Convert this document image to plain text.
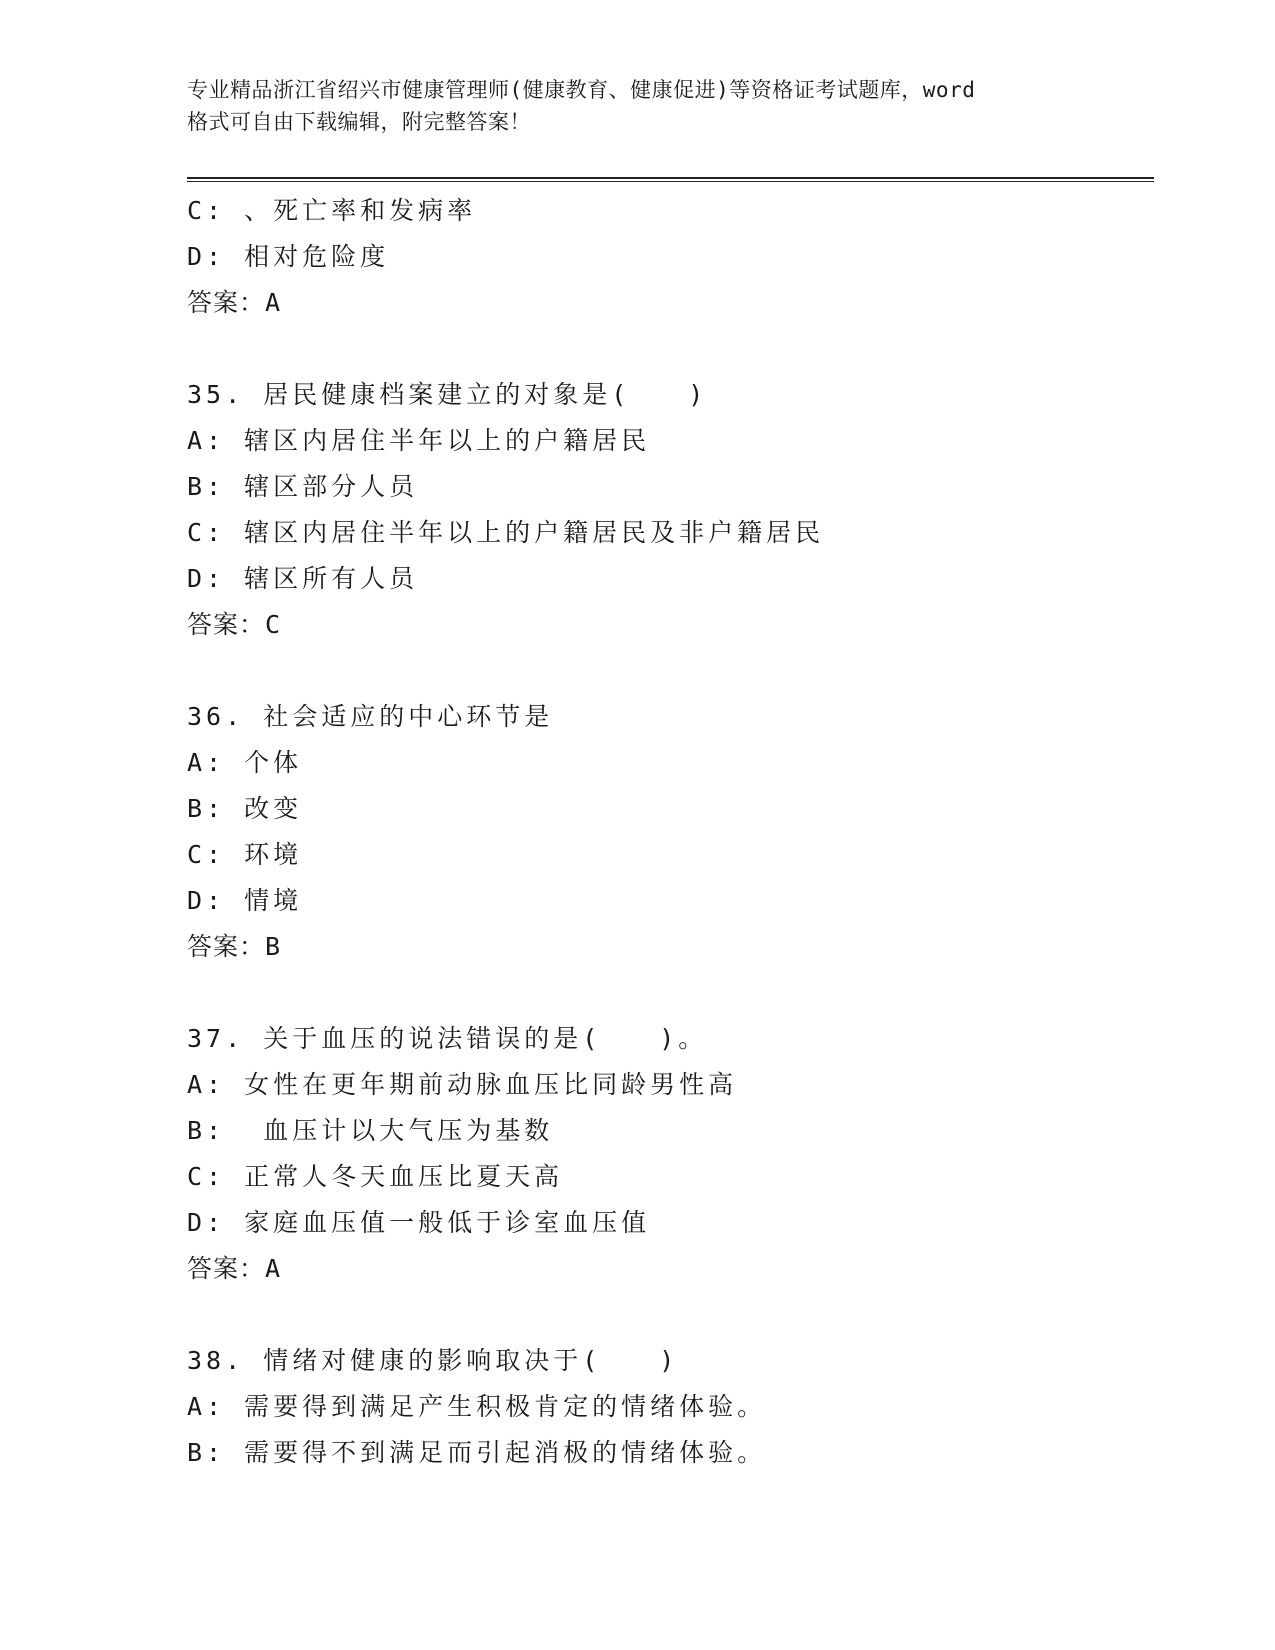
专业精品浙江省绍兴市健康管理师(健康教育、健康促进)等资格证考试题库，word
格式可自由下载编辑，附完整答案！
C: 、死亡率和发病率
D: 相对危险度
答案：A
35. 居民健康档案建立的对象是(　　)
A: 辖区内居住半年以上的户籍居民
B: 辖区部分人员
C: 辖区内居住半年以上的户籍居民及非户籍居民
D: 辖区所有人员
答案：C
36. 社会适应的中心环节是
A: 个体
B: 改变
C: 环境
D: 情境
答案：B
37. 关于血压的说法错误的是(　　)。
A: 女性在更年期前动脉血压比同龄男性高
B:  血压计以大气压为基数
C: 正常人冬天血压比夏天高
D: 家庭血压值一般低于诊室血压值
答案：A
38. 情绪对健康的影响取决于(　　)
A: 需要得到满足产生积极肯定的情绪体验。
B: 需要得不到满足而引起消极的情绪体验。
